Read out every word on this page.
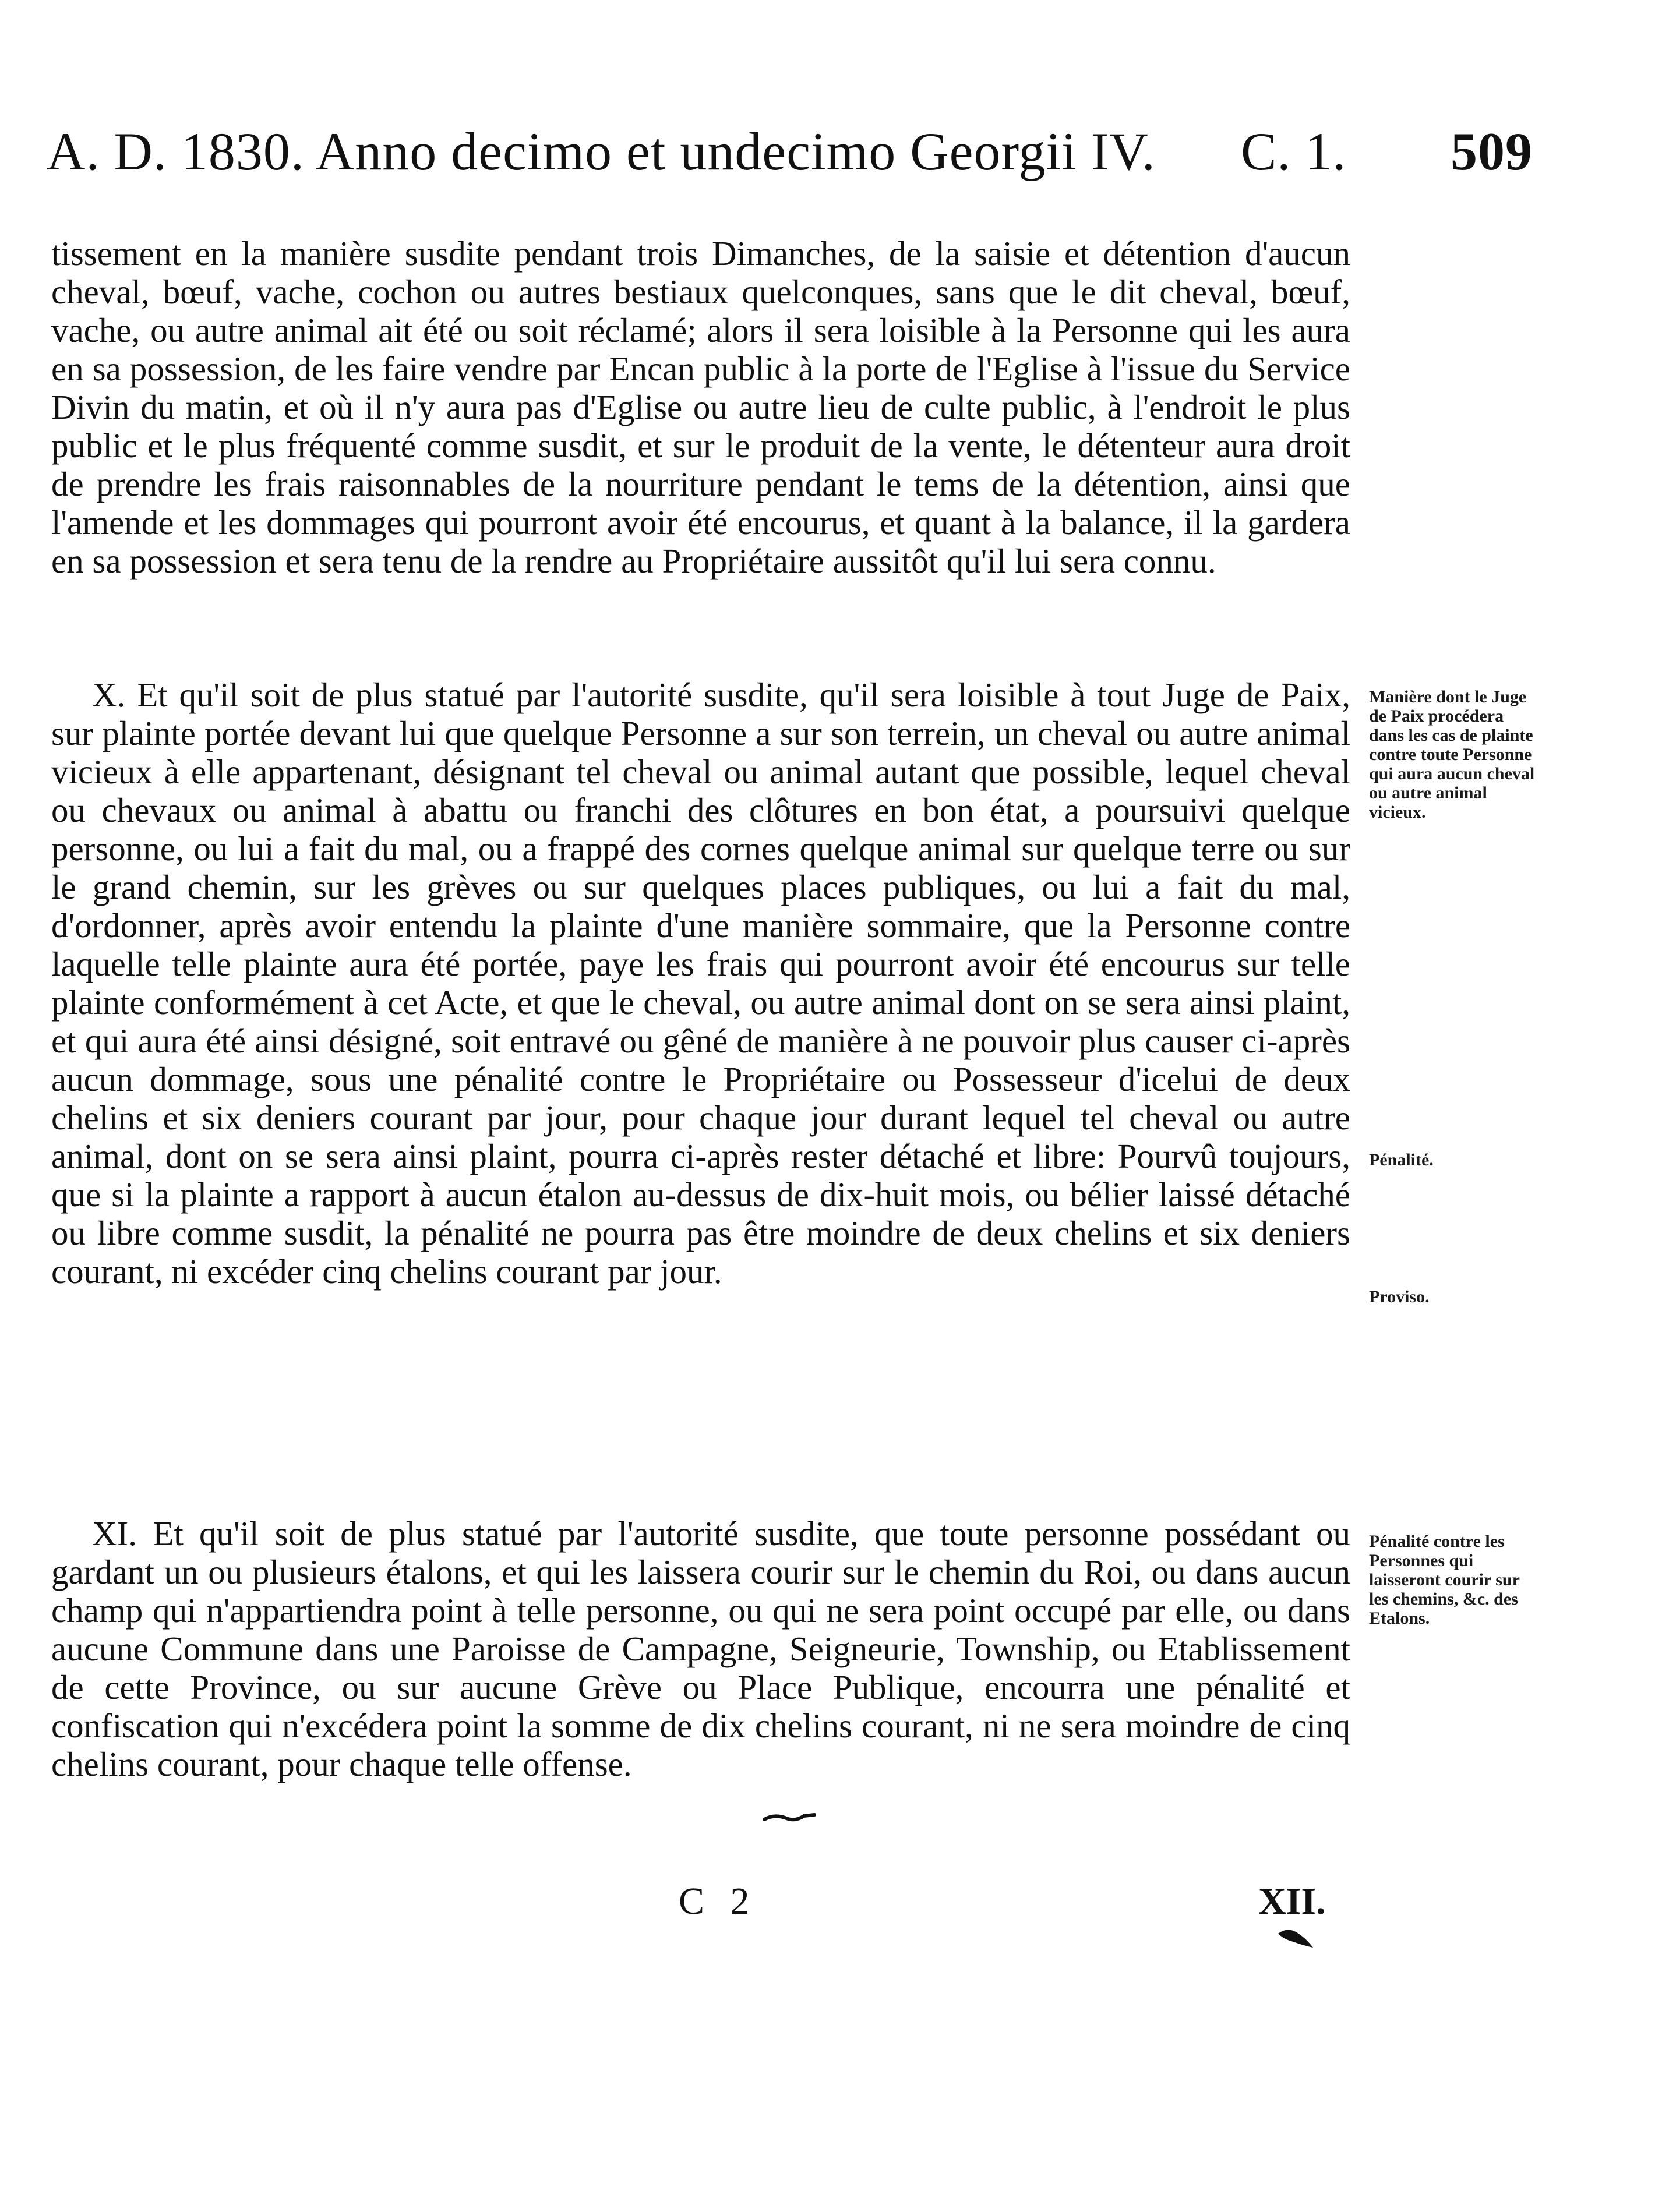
A. D. 1830. Anno decimo et undecimo Georgii IV. C. 1. 509
tissement en la manière susdite pendant trois Dimanches, de la saisie et détention d'aucun cheval, bœuf, vache, cochon ou autres bestiaux quelconques, sans que le dit cheval, bœuf, vache, ou autre animal ait été ou soit réclamé; alors il sera loisible à la Personne qui les aura en sa possession, de les faire vendre par Encan public à la porte de l'Eglise à l'issue du Service Divin du matin, et où il n'y aura pas d'Eglise ou autre lieu de culte public, à l'endroit le plus public et le plus fréquenté comme susdit, et sur le produit de la vente, le détenteur aura droit de prendre les frais raisonnables de la nourriture pendant le tems de la détention, ainsi que l'amende et les dommages qui pourront avoir été encourus, et quant à la balance, il la gardera en sa possession et sera tenu de la rendre au Propriétaire aussitôt qu'il lui sera connu.
X. Et qu'il soit de plus statué par l'autorité susdite, qu'il sera loisible à tout Juge de Paix, sur plainte portée devant lui que quelque Personne a sur son terrein, un cheval ou autre animal vicieux à elle appartenant, désignant tel cheval ou animal autant que possible, lequel cheval ou chevaux ou animal à abattu ou franchi des clôtures en bon état, a poursuivi quelque personne, ou lui a fait du mal, ou a frappé des cornes quelque animal sur quelque terre ou sur le grand chemin, sur les grèves ou sur quelques places publiques, ou lui a fait du mal, d'ordonner, après avoir entendu la plainte d'une manière sommaire, que la Personne contre laquelle telle plainte aura été portée, paye les frais qui pourront avoir été encourus sur telle plainte conformément à cet Acte, et que le cheval, ou autre animal dont on se sera ainsi plaint, et qui aura été ainsi désigné, soit entravé ou gêné de manière à ne pouvoir plus causer ci-après aucun dommage, sous une pénalité contre le Propriétaire ou Possesseur d'icelui de deux chelins et six deniers courant par jour, pour chaque jour durant lequel tel cheval ou autre animal, dont on se sera ainsi plaint, pourra ci-après rester détaché et libre: Pourvû toujours, que si la plainte a rapport à aucun étalon au-dessus de dix-huit mois, ou bélier laissé détaché ou libre comme susdit, la pénalité ne pourra pas être moindre de deux chelins et six deniers courant, ni excéder cinq chelins courant par jour.
XI. Et qu'il soit de plus statué par l'autorité susdite, que toute personne possédant ou gardant un ou plusieurs étalons, et qui les laissera courir sur le chemin du Roi, ou dans aucun champ qui n'appartiendra point à telle personne, ou qui ne sera point occupé par elle, ou dans aucune Commune dans une Paroisse de Campagne, Seigneurie, Township, ou Etablissement de cette Province, ou sur aucune Grève ou Place Publique, encourra une pénalité et confiscation qui n'excédera point la somme de dix chelins courant, ni ne sera moindre de cinq chelins courant, pour chaque telle offense.
Manière dont le Juge de Paix procédera dans les cas de plainte contre toute Personne qui aura aucun cheval ou autre animal vicieux.
Pénalité.
Proviso.
Pénalité contre les Personnes qui laisseront courir sur les chemins, &c. des Etalons.
C 2	XII.
